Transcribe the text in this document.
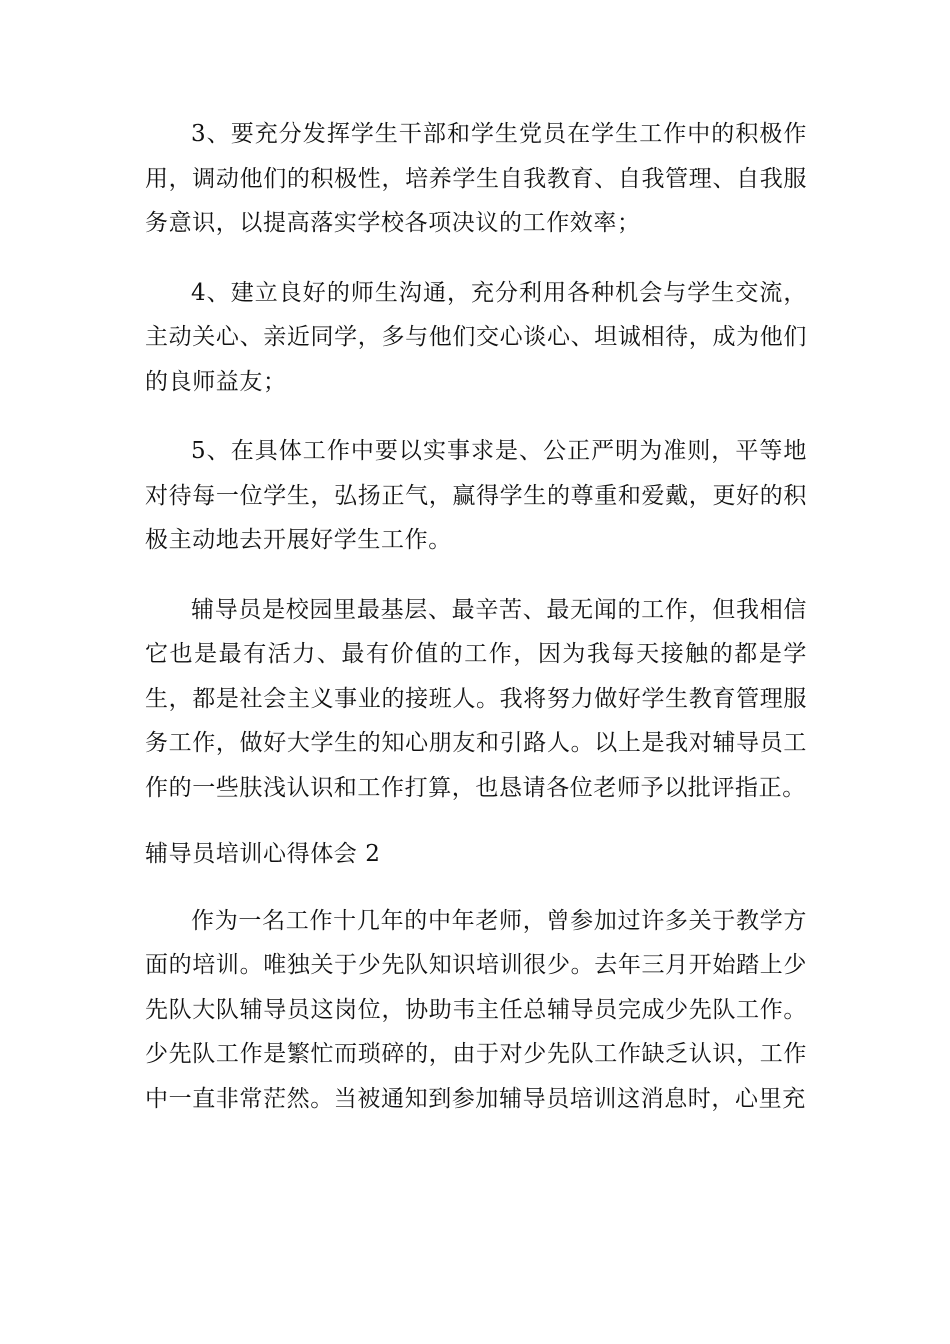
3、要充分发挥学生干部和学生党员在学生工作中的积极作用，调动他们的积极性，培养学生自我教育、自我管理、自我服务意识，以提高落实学校各项决议的工作效率；

4、建立良好的师生沟通，充分利用各种机会与学生交流，主动关心、亲近同学，多与他们交心谈心、坦诚相待，成为他们的良师益友；

5、在具体工作中要以实事求是、公正严明为准则，平等地对待每一位学生，弘扬正气，赢得学生的尊重和爱戴，更好的积极主动地去开展好学生工作。

辅导员是校园里最基层、最辛苦、最无闻的工作，但我相信它也是最有活力、最有价值的工作，因为我每天接触的都是学生，都是社会主义事业的接班人。我将努力做好学生教育管理服务工作，做好大学生的知心朋友和引路人。以上是我对辅导员工作的一些肤浅认识和工作打算，也恳请各位老师予以批评指正。

辅导员培训心得体会 2

作为一名工作十几年的中年老师，曾参加过许多关于教学方面的培训。唯独关于少先队知识培训很少。去年三月开始踏上少先队大队辅导员这岗位，协助韦主任总辅导员完成少先队工作。少先队工作是繁忙而琐碎的，由于对少先队工作缺乏认识，工作中一直非常茫然。当被通知到参加辅导员培训这消息时，心里充
